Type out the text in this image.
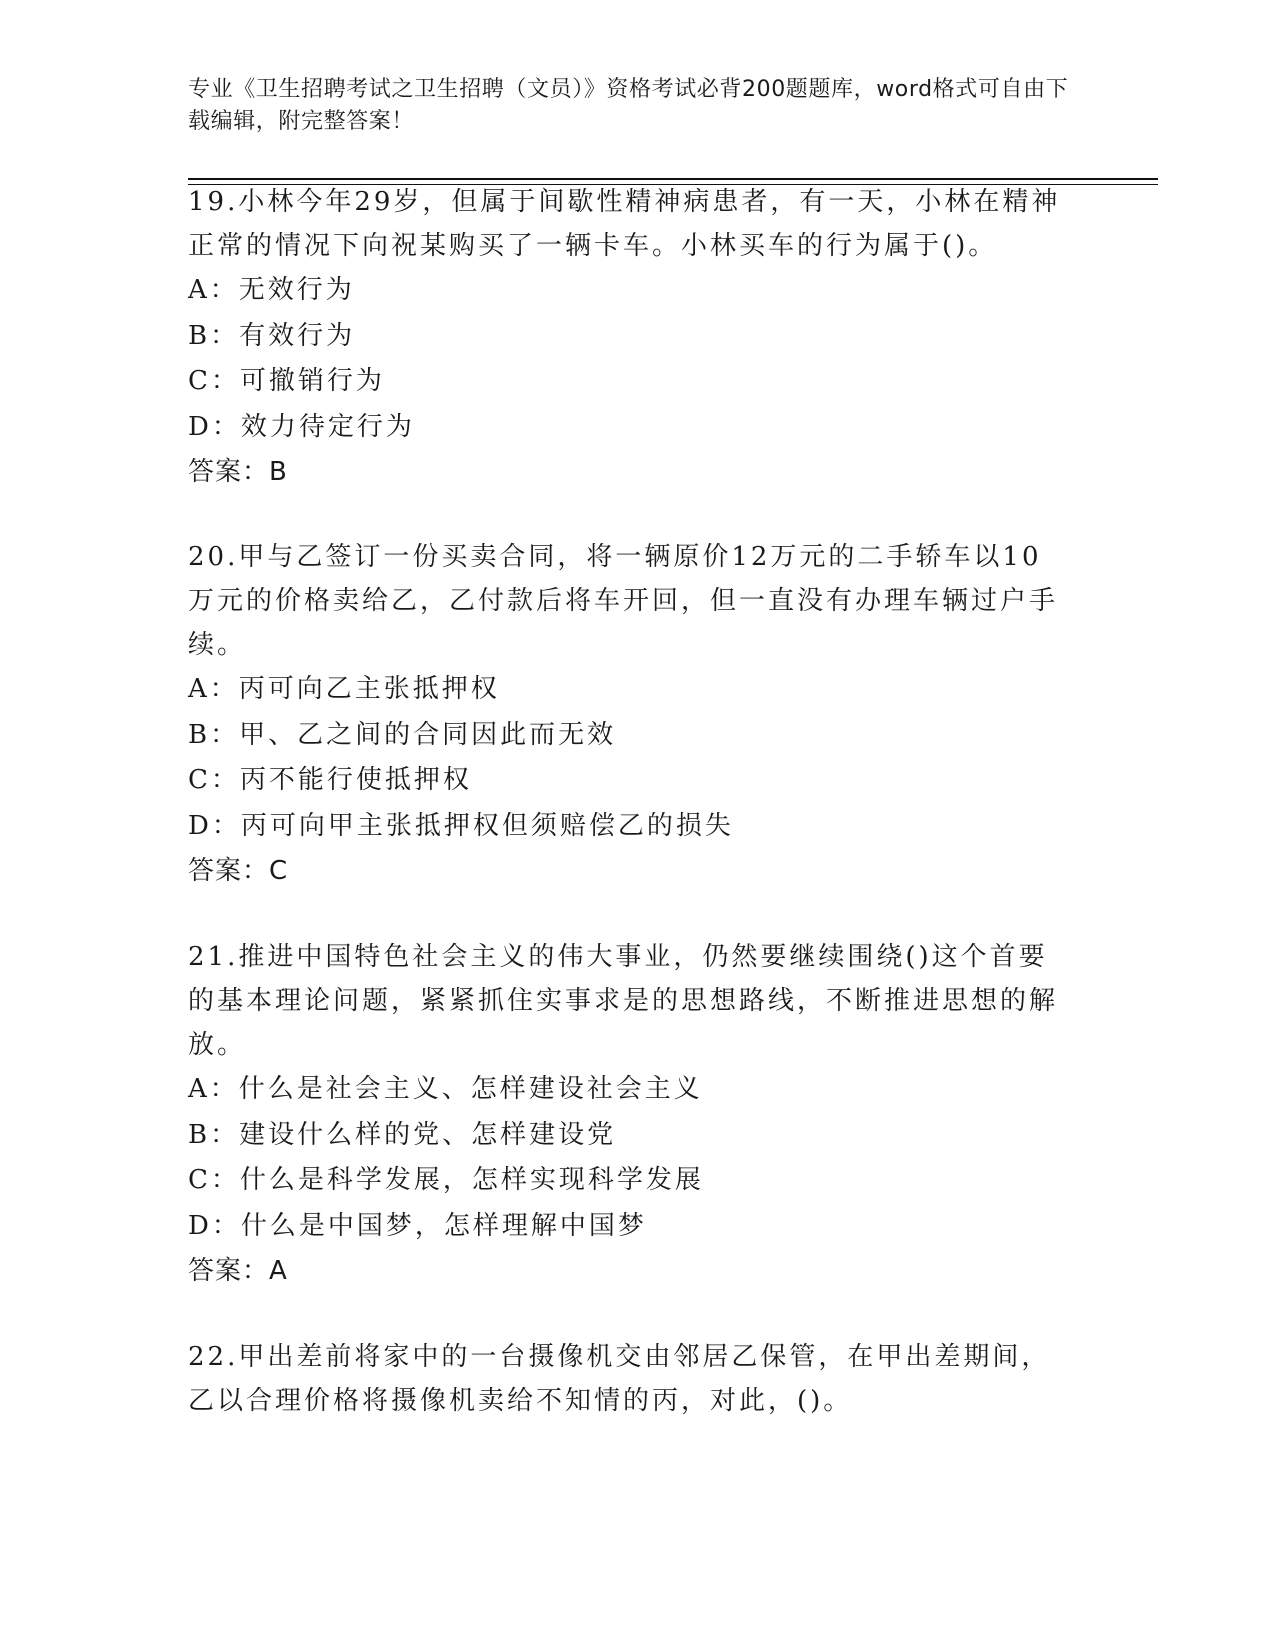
专业《卫生招聘考试之卫生招聘（文员）》资格考试必背200题题库，word格式可自由下载编辑，附完整答案！

19.小林今年29岁，但属于间歇性精神病患者，有一天，小林在精神正常的情况下向祝某购买了一辆卡车。小林买车的行为属于()。

A：无效行为

B：有效行为

C：可撤销行为

D：效力待定行为

答案：B

20.甲与乙签订一份买卖合同，将一辆原价12万元的二手轿车以10万元的价格卖给乙，乙付款后将车开回，但一直没有办理车辆过户手续。

A：丙可向乙主张抵押权

B：甲、乙之间的合同因此而无效

C：丙不能行使抵押权

D：丙可向甲主张抵押权但须赔偿乙的损失

答案：C

21.推进中国特色社会主义的伟大事业，仍然要继续围绕()这个首要的基本理论问题，紧紧抓住实事求是的思想路线，不断推进思想的解放。

A：什么是社会主义、怎样建设社会主义

B：建设什么样的党、怎样建设党

C：什么是科学发展，怎样实现科学发展

D：什么是中国梦，怎样理解中国梦

答案：A

22.甲出差前将家中的一台摄像机交由邻居乙保管，在甲出差期间，乙以合理价格将摄像机卖给不知情的丙，对此，()。
